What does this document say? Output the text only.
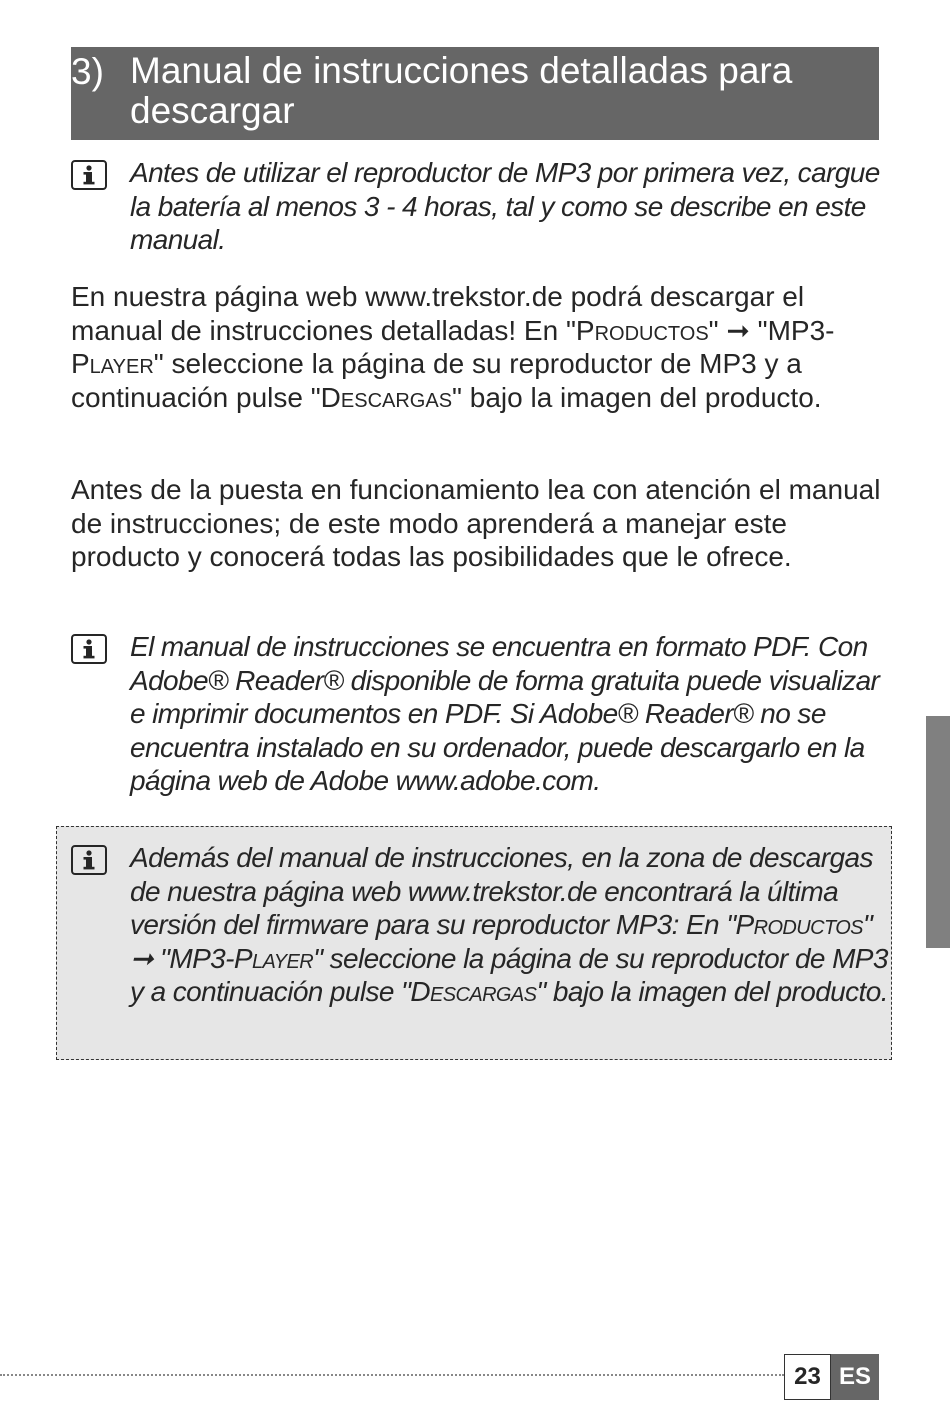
3) Manual de instrucciones detalladas para descargar
Antes de utilizar el reproductor de MP3 por primera vez, cargue la batería al menos 3 - 4 horas, tal y como se describe en este manual.
En nuestra página web www.trekstor.de podrá descargar el manual de instrucciones detalladas! En "Productos" ➞ "MP3-Player" seleccione la página de su reproductor de MP3 y a continuación pulse "Descargas" bajo la imagen del producto.
Antes de la puesta en funcionamiento lea con atención el manual de instrucciones; de este modo aprenderá a manejar este producto y conocerá todas las posibilidades que le ofrece.
El manual de instrucciones se encuentra en formato PDF. Con Adobe® Reader® disponible de forma gratuita puede visualizar e imprimir documentos en PDF. Si Adobe® Reader® no se encuentra instalado en su ordenador, puede descargarlo en la página web de Adobe www.adobe.com.
Además del manual de instrucciones, en la zona de descargas de nuestra página web www.trekstor.de encontrará la última versión del firmware para su reproductor MP3: En "Productos" ➞ "MP3-Player" seleccione la página de su reproductor de MP3 y a continuación pulse "Descargas" bajo la imagen del producto.
23 ES
